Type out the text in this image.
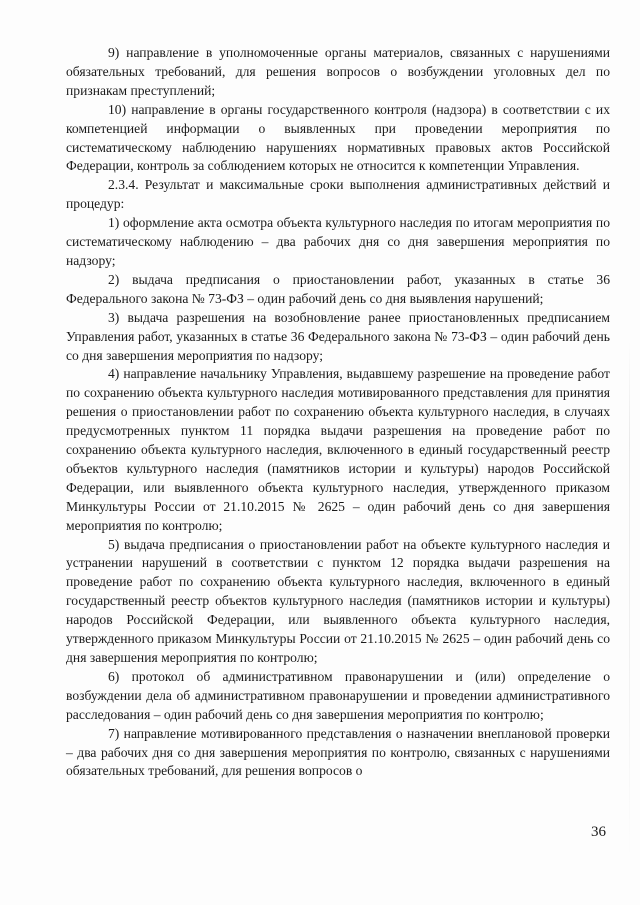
9) направление в уполномоченные органы материалов, связанных с нарушениями обязательных требований, для решения вопросов о возбуждении уголовных дел по признакам преступлений;

10) направление в органы государственного контроля (надзора) в соответствии с их компетенцией информации о выявленных при проведении мероприятия по систематическому наблюдению нарушениях нормативных правовых актов Российской Федерации, контроль за соблюдением которых не относится к компетенции Управления.

2.3.4. Результат и максимальные сроки выполнения административных действий и процедур:

1) оформление акта осмотра объекта культурного наследия по итогам мероприятия по систематическому наблюдению – два рабочих дня со дня завершения мероприятия по надзору;

2) выдача предписания о приостановлении работ, указанных в статье 36 Федерального закона № 73-ФЗ – один рабочий день со дня выявления нарушений;

3) выдача разрешения на возобновление ранее приостановленных предписанием Управления работ, указанных в статье 36 Федерального закона № 73-ФЗ – один рабочий день со дня завершения мероприятия по надзору;

4) направление начальнику Управления, выдавшему разрешение на проведение работ по сохранению объекта культурного наследия мотивированного представления для принятия решения о приостановлении работ по сохранению объекта культурного наследия, в случаях предусмотренных пунктом 11 порядка выдачи разрешения на проведение работ по сохранению объекта культурного наследия, включенного в единый государственный реестр объектов культурного наследия (памятников истории и культуры) народов Российской Федерации, или выявленного объекта культурного наследия, утвержденного приказом Минкультуры России от 21.10.2015 № 2625 – один рабочий день со дня завершения мероприятия по контролю;

5) выдача предписания о приостановлении работ на объекте культурного наследия и устранении нарушений в соответствии с пунктом 12 порядка выдачи разрешения на проведение работ по сохранению объекта культурного наследия, включенного в единый государственный реестр объектов культурного наследия (памятников истории и культуры) народов Российской Федерации, или выявленного объекта культурного наследия, утвержденного приказом Минкультуры России от 21.10.2015 № 2625 – один рабочий день со дня завершения мероприятия по контролю;

6) протокол об административном правонарушении и (или) определение о возбуждении дела об административном правонарушении и проведении административного расследования – один рабочий день со дня завершения мероприятия по контролю;

7) направление мотивированного представления о назначении внеплановой проверки – два рабочих дня со дня завершения мероприятия по контролю, связанных с нарушениями обязательных требований, для решения вопросов о

36
